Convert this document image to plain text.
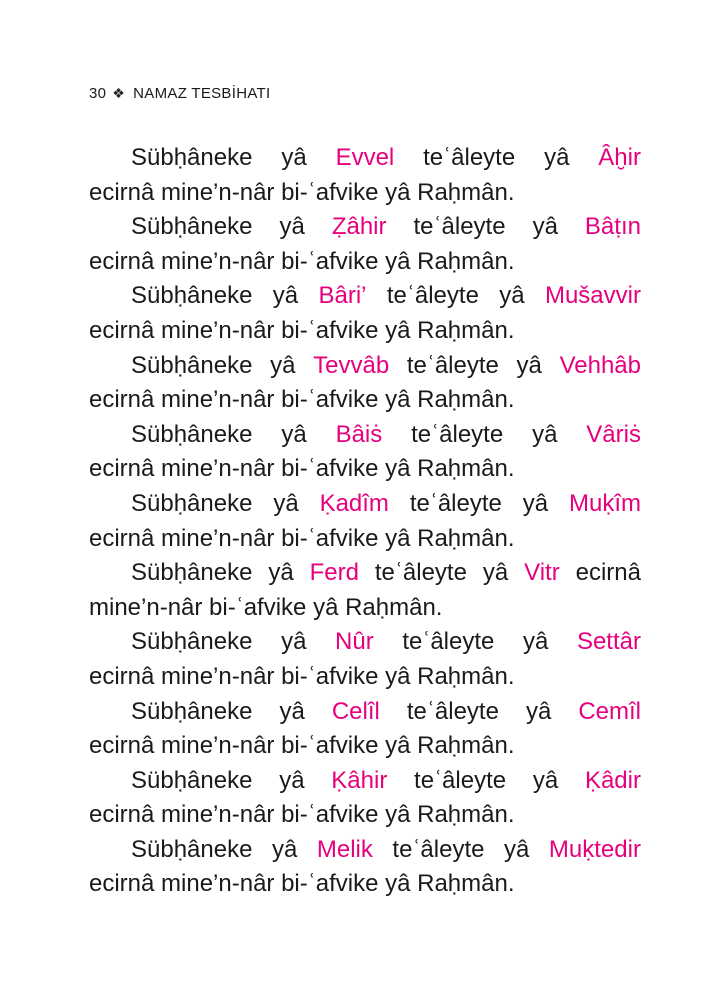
30 ❖ NAMAZ TESBİHATI
Sübḥâneke yâ Evvel teʿâleyte yâ Âḫir
ecirnâ mine’n-nâr bi-ʿafvike yâ Raḥmân.
Sübḥâneke yâ Ẓâhir teʿâleyte yâ Bâṭın
ecirnâ mine’n-nâr bi-ʿafvike yâ Raḥmân.
Sübḥâneke yâ Bâri’ teʿâleyte yâ Mušavvir
ecirnâ mine’n-nâr bi-ʿafvike yâ Raḥmân.
Sübḥâneke yâ Tevvâb teʿâleyte yâ Vehhâb
ecirnâ mine’n-nâr bi-ʿafvike yâ Raḥmân.
Sübḥâneke yâ Bâiṡ teʿâleyte yâ Vâriṡ
ecirnâ mine’n-nâr bi-ʿafvike yâ Raḥmân.
Sübḥâneke yâ Ḳadîm teʿâleyte yâ Muḳîm
ecirnâ mine’n-nâr bi-ʿafvike yâ Raḥmân.
Sübḥâneke yâ Ferd teʿâleyte yâ Vitr ecirnâ
mine’n-nâr bi-ʿafvike yâ Raḥmân.
Sübḥâneke yâ Nûr teʿâleyte yâ Settâr
ecirnâ mine’n-nâr bi-ʿafvike yâ Raḥmân.
Sübḥâneke yâ Celîl teʿâleyte yâ Cemîl
ecirnâ mine’n-nâr bi-ʿafvike yâ Raḥmân.
Sübḥâneke yâ Ḳâhir teʿâleyte yâ Ḳâdir
ecirnâ mine’n-nâr bi-ʿafvike yâ Raḥmân.
Sübḥâneke yâ Melik teʿâleyte yâ Muḳtedir
ecirnâ mine’n-nâr bi-ʿafvike yâ Raḥmân.
